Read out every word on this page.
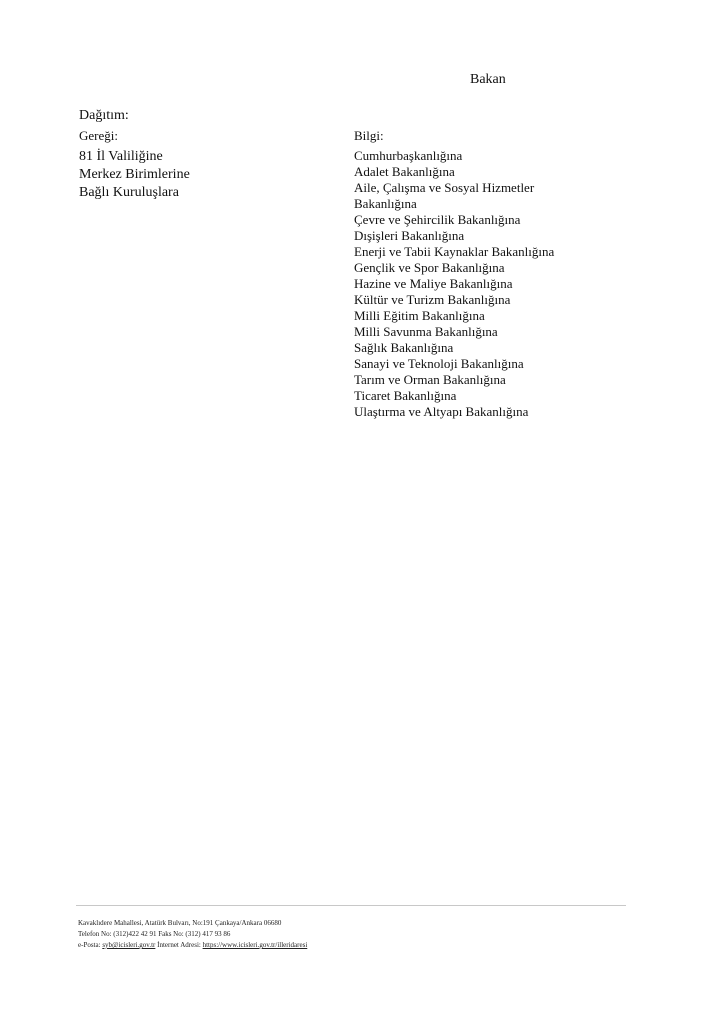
Bakan
Dağıtım:
Gereği:
81 İl Valiliğine
Merkez Birimlerine
Bağlı Kuruluşlara
Bilgi:
Cumhurbaşkanlığına
Adalet Bakanlığına
Aile, Çalışma ve Sosyal Hizmetler
Bakanlığına
Çevre ve Şehircilik Bakanlığına
Dışişleri Bakanlığına
Enerji ve Tabii Kaynaklar Bakanlığına
Gençlik ve Spor Bakanlığına
Hazine ve Maliye Bakanlığına
Kültür ve Turizm Bakanlığına
Milli Eğitim Bakanlığına
Milli Savunma Bakanlığına
Sağlık Bakanlığına
Sanayi ve Teknoloji Bakanlığına
Tarım ve Orman Bakanlığına
Ticaret Bakanlığına
Ulaştırma ve Altyapı Bakanlığına
Kavaklıdere Mahallesi, Atatürk Bulvarı, No:191 Çankaya/Ankara 06680
Telefon No: (312)422 42 91 Faks No: (312) 417 93 86
e-Posta: syb@icisleri.gov.tr İnternet Adresi: https://www.icisleri.gov.tr/illeridaresi
